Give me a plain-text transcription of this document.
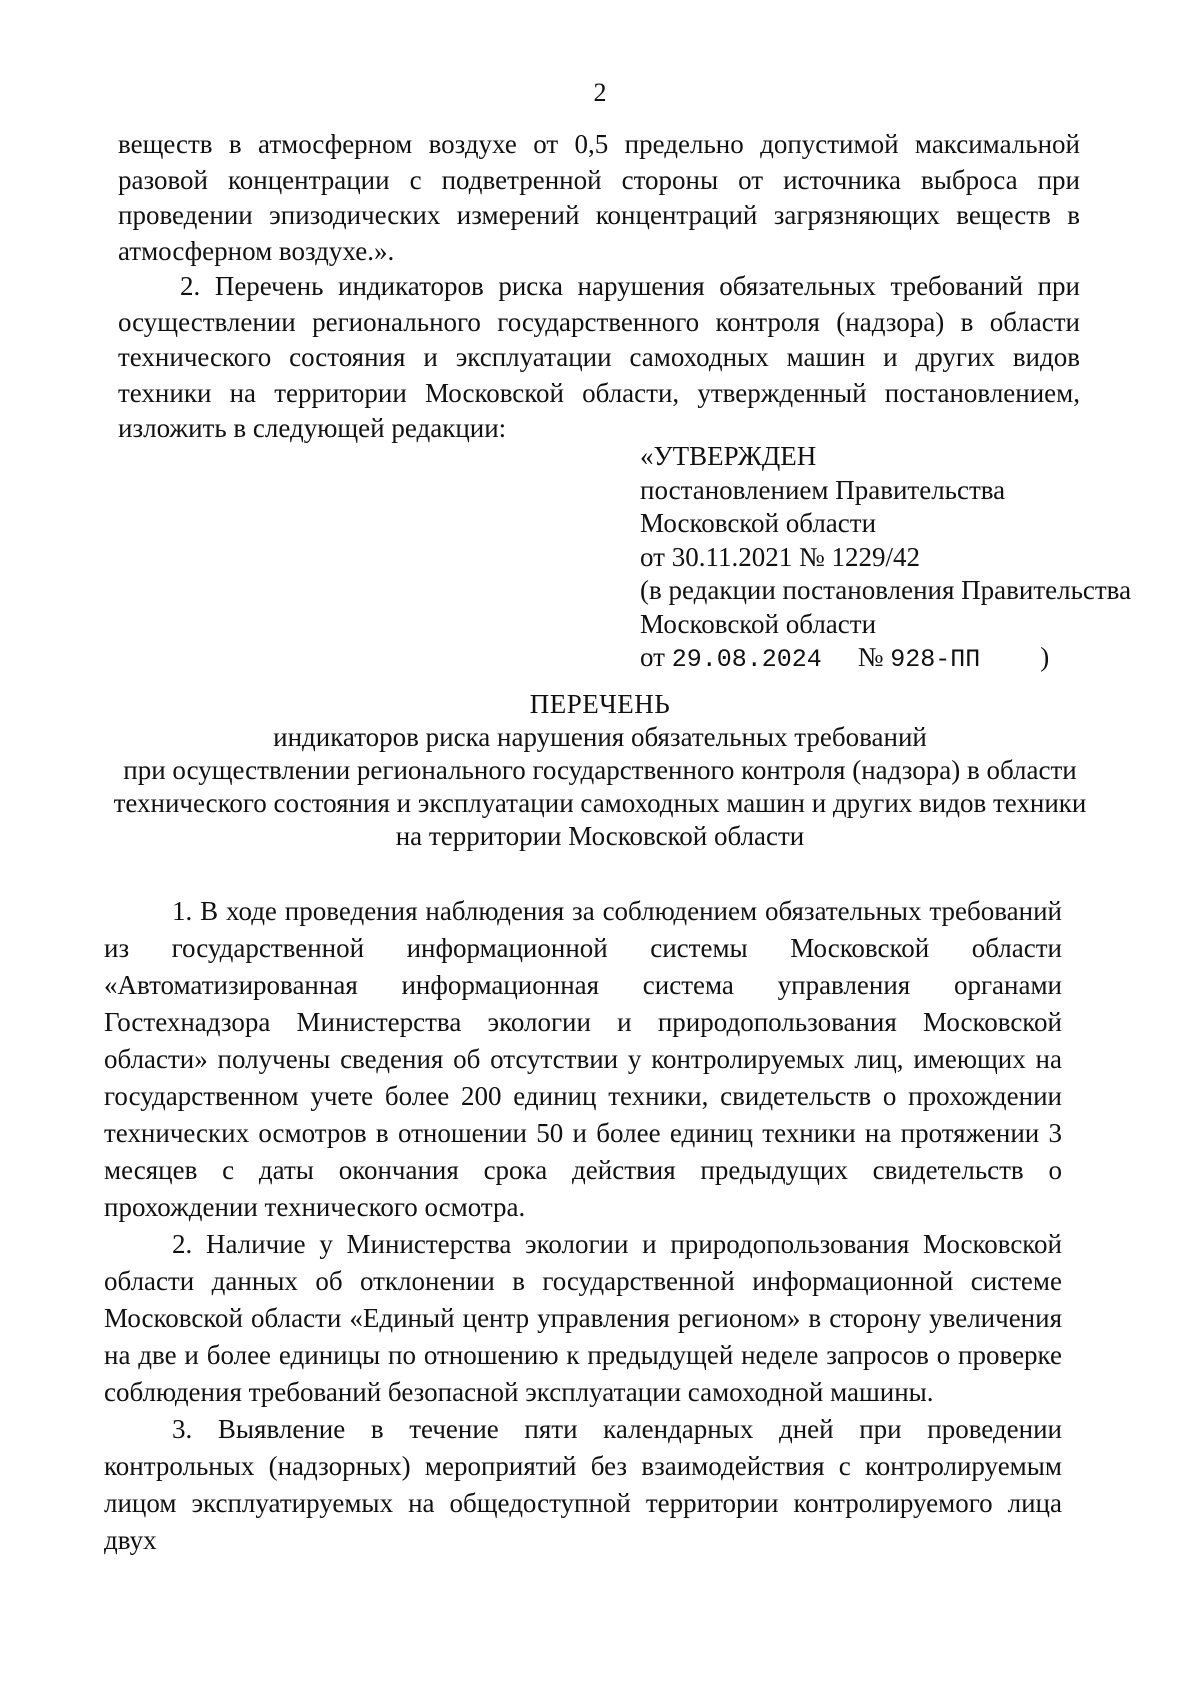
2

веществ в атмосферном воздухе от 0,5 предельно допустимой максимальной разовой концентрации с подветренной стороны от источника выброса при проведении эпизодических измерений концентраций загрязняющих веществ в атмосферном воздухе.».

2. Перечень индикаторов риска нарушения обязательных требований при осуществлении регионального государственного контроля (надзора) в области технического состояния и эксплуатации самоходных машин и других видов техники на территории Московской области, утвержденный постановлением, изложить в следующей редакции:

«УТВЕРЖДЕН
постановлением Правительства
Московской области
от 30.11.2021 № 1229/42
(в редакции постановления Правительства
Московской области
от 29.08.2024 № 928-ПП )
ПЕРЕЧЕНЬ
индикаторов риска нарушения обязательных требований
при осуществлении регионального государственного контроля (надзора) в области
технического состояния и эксплуатации самоходных машин и других видов техники
на территории Московской области

1. В ходе проведения наблюдения за соблюдением обязательных требований из государственной информационной системы Московской области «Автоматизированная информационная система управления органами Гостехнадзора Министерства экологии и природопользования Московской области» получены сведения об отсутствии у контролируемых лиц, имеющих на государственном учете более 200 единиц техники, свидетельств о прохождении технических осмотров в отношении 50 и более единиц техники на протяжении 3 месяцев с даты окончания срока действия предыдущих свидетельств о прохождении технического осмотра.

2. Наличие у Министерства экологии и природопользования Московской области данных об отклонении в государственной информационной системе Московской области «Единый центр управления регионом» в сторону увеличения на две и более единицы по отношению к предыдущей неделе запросов о проверке соблюдения требований безопасной эксплуатации самоходной машины.

3. Выявление в течение пяти календарных дней при проведении контрольных (надзорных) мероприятий без взаимодействия с контролируемым лицом эксплуатируемых на общедоступной территории контролируемого лица двух
